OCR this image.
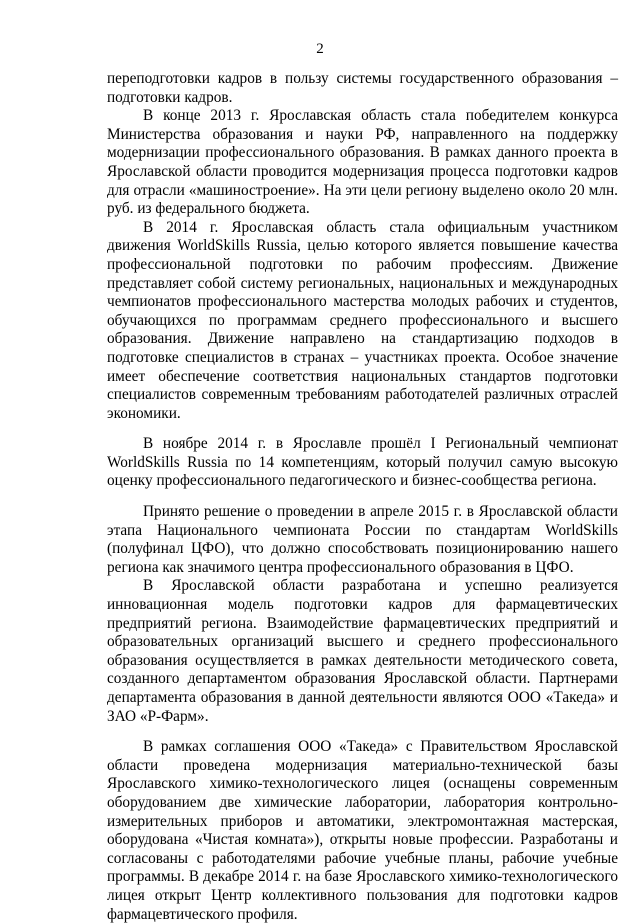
2

переподготовки кадров в пользу системы государственного образования – подготовки кадров.

В конце 2013 г. Ярославская область стала победителем конкурса Министерства образования и науки РФ, направленного на поддержку модернизации профессионального образования. В рамках данного проекта в Ярославской области проводится модернизация процесса подготовки кадров для отрасли «машиностроение». На эти цели региону выделено около 20 млн. руб. из федерального бюджета.

В 2014 г. Ярославская область стала официальным участником движения WorldSkills Russia, целью которого является повышение качества профессиональной подготовки по рабочим профессиям. Движение представляет собой систему региональных, национальных и международных чемпионатов профессионального мастерства молодых рабочих и студентов, обучающихся по программам среднего профессионального и высшего образования. Движение направлено на стандартизацию подходов в подготовке специалистов в странах – участниках проекта. Особое значение имеет обеспечение соответствия национальных стандартов подготовки специалистов современным требованиям работодателей различных отраслей экономики.

В ноябре 2014 г. в Ярославле прошёл I Региональный чемпионат WorldSkills Russia по 14 компетенциям, который получил самую высокую оценку профессионального педагогического и бизнес-сообщества региона.

Принято решение о проведении в апреле 2015 г. в Ярославской области этапа Национального чемпионата России по стандартам WorldSkills (полуфинал ЦФО), что должно способствовать позиционированию нашего региона как значимого центра профессионального образования в ЦФО.

В Ярославской области разработана и успешно реализуется инновационная модель подготовки кадров для фармацевтических предприятий региона. Взаимодействие фармацевтических предприятий и образовательных организаций высшего и среднего профессионального образования осуществляется в рамках деятельности методического совета, созданного департаментом образования Ярославской области. Партнерами департамента образования в данной деятельности являются ООО «Такеда» и ЗАО «Р-Фарм».

В рамках соглашения ООО «Такеда» с Правительством Ярославской области проведена модернизация материально-технической базы Ярославского химико-технологического лицея (оснащены современным оборудованием две химические лаборатории, лаборатория контрольно-измерительных приборов и автоматики, электромонтажная мастерская, оборудована «Чистая комната»), открыты новые профессии. Разработаны и согласованы с работодателями рабочие учебные планы, рабочие учебные программы. В декабре 2014 г. на базе Ярославского химико-технологического лицея открыт Центр коллективного пользования для подготовки кадров фармацевтического профиля.
